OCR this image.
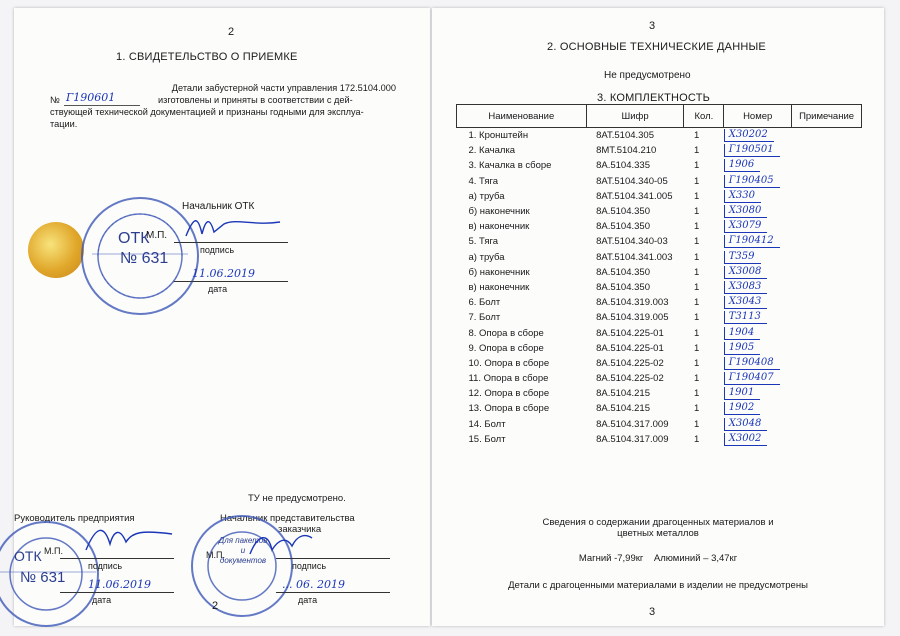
2
1. СВИДЕТЕЛЬСТВО О ПРИЕМКЕ
Детали забустерной части управления 172.5104.000
№ Г190601	изготовлены и приняты в соответствии с дей-
ствующей технической документацией и признаны годными для эксплуа-
тации.
Начальник ОТК
ОТК
№ 631
М.П.
подпись
11.06.2019
дата
ТУ не предусмотрено.
Руководитель предприятия
ОТК
№ 631
М.П.
подпись
11.06.2019
дата
Начальник представительства
заказчика
Для пакетов и документов
М.П.
подпись
... 06. 2019
дата
2
3
2. ОСНОВНЫЕ ТЕХНИЧЕСКИЕ ДАННЫЕ
Не предусмотрено
3. КОМПЛЕКТНОСТЬ
Наименование	Шифр	Кол.	Номер	Примечание
1. Кронштейн	8АТ.5104.305	1	Х30202	
2. Качалка	8МТ.5104.210	1	Г190501	
3. Качалка в сборе	8А.5104.335	1	1906	
4. Тяга	8АТ.5104.340-05	1	Г190405	
а) труба	8АТ.5104.341.005	1	Х330	
б) наконечник	8А.5104.350	1	Х3080	
в) наконечник	8А.5104.350	1	Х3079	
5. Тяга	8АТ.5104.340-03	1	Г190412	
а) труба	8АТ.5104.341.003	1	Т359	
б) наконечник	8А.5104.350	1	Х3008	
в) наконечник	8А.5104.350	1	Х3083	
6. Болт	8А.5104.319.003	1	Х3043	
7. Болт	8А.5104.319.005	1	Т3113	
8. Опора в сборе	8А.5104.225-01	1	1904	
9. Опора в сборе	8А.5104.225-01	1	1905	
10. Опора в сборе	8А.5104.225-02	1	Г190408	
11. Опора в сборе	8А.5104.225-02	1	Г190407	
12. Опора в сборе	8А.5104.215	1	1901	
13. Опора в сборе	8А.5104.215	1	1902	
14. Болт	8А.5104.317.009	1	Х3048	
15. Болт	8А.5104.317.009	1	Х3002	
Сведения о содержании драгоценных материалов и
цветных металлов
Магний -7,99кг    Алюминий – 3,47кг
Детали с драгоценными материалами в изделии не предусмотрены
3
